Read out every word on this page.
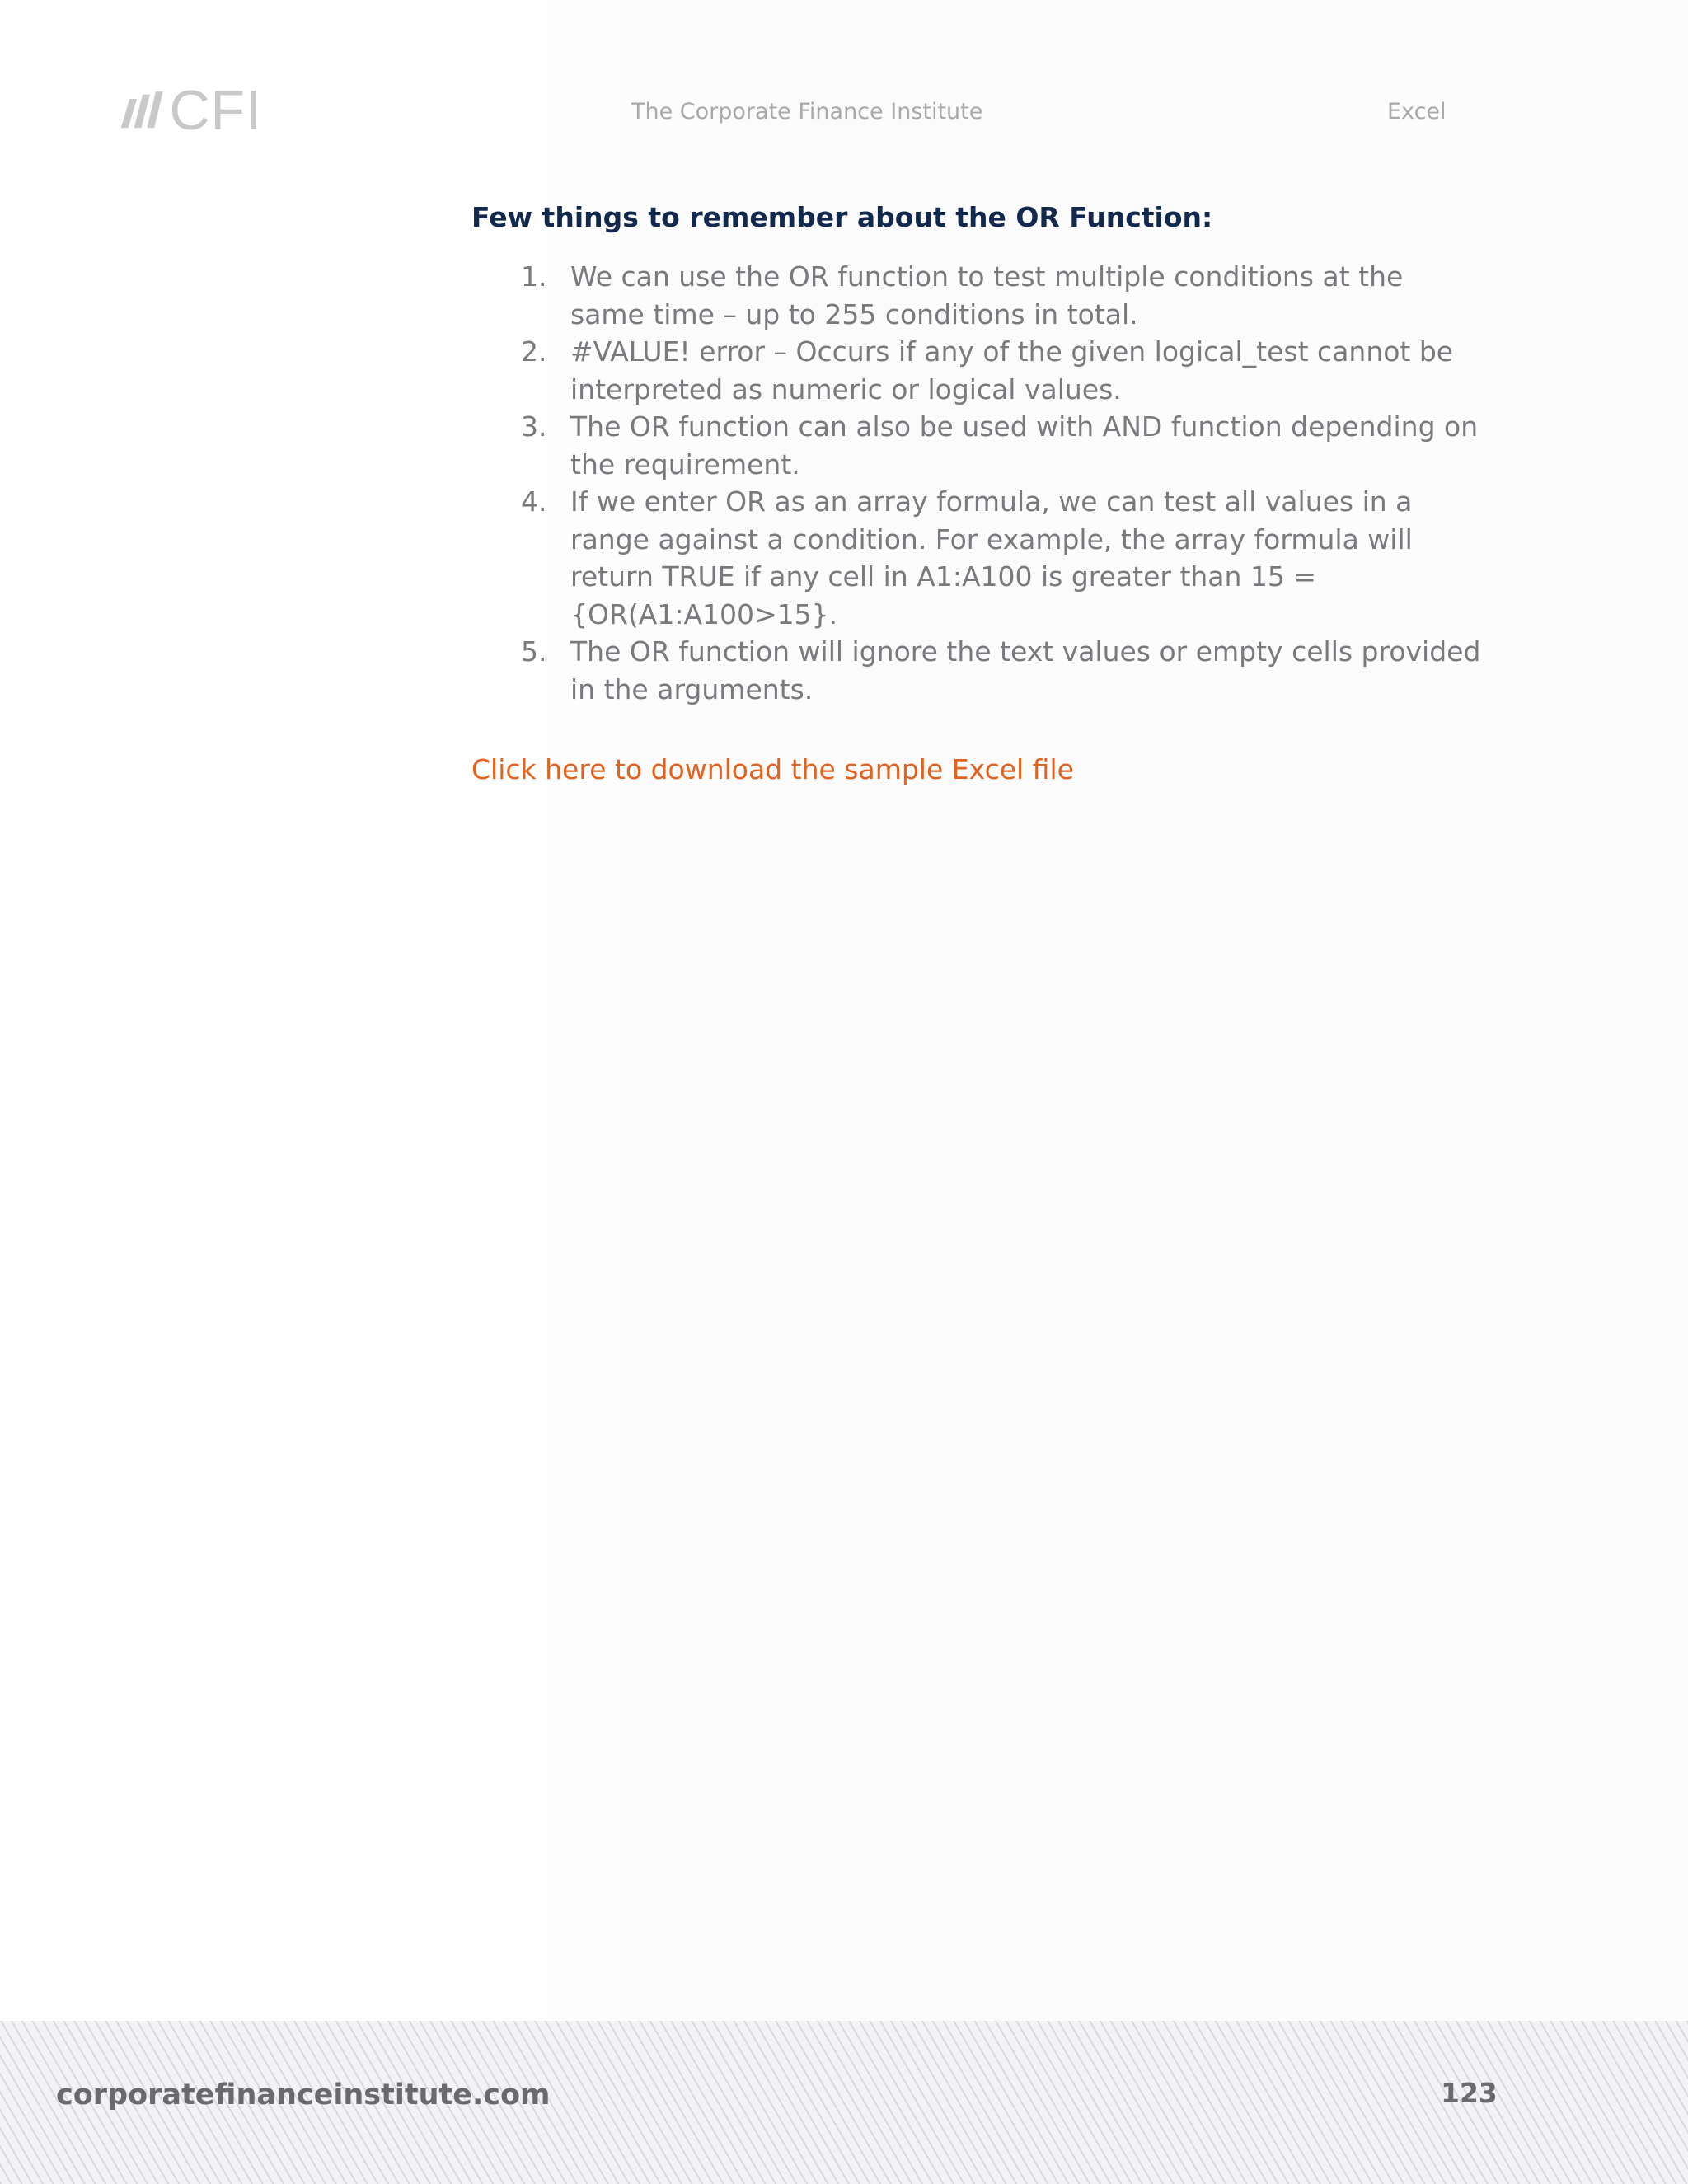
CFI	The Corporate Finance Institute	Excel
Few things to remember about the OR Function:
1. We can use the OR function to test multiple conditions at the same time – up to 255 conditions in total.
2. #VALUE! error – Occurs if any of the given logical_test cannot be interpreted as numeric or logical values.
3. The OR function can also be used with AND function depending on the requirement.
4. If we enter OR as an array formula, we can test all values in a range against a condition. For example, the array formula will return TRUE if any cell in A1:A100 is greater than 15 ={OR(A1:A100>15}.
5. The OR function will ignore the text values or empty cells provided in the arguments.
Click here to download the sample Excel file
corporatefinanceinstitute.com	123
